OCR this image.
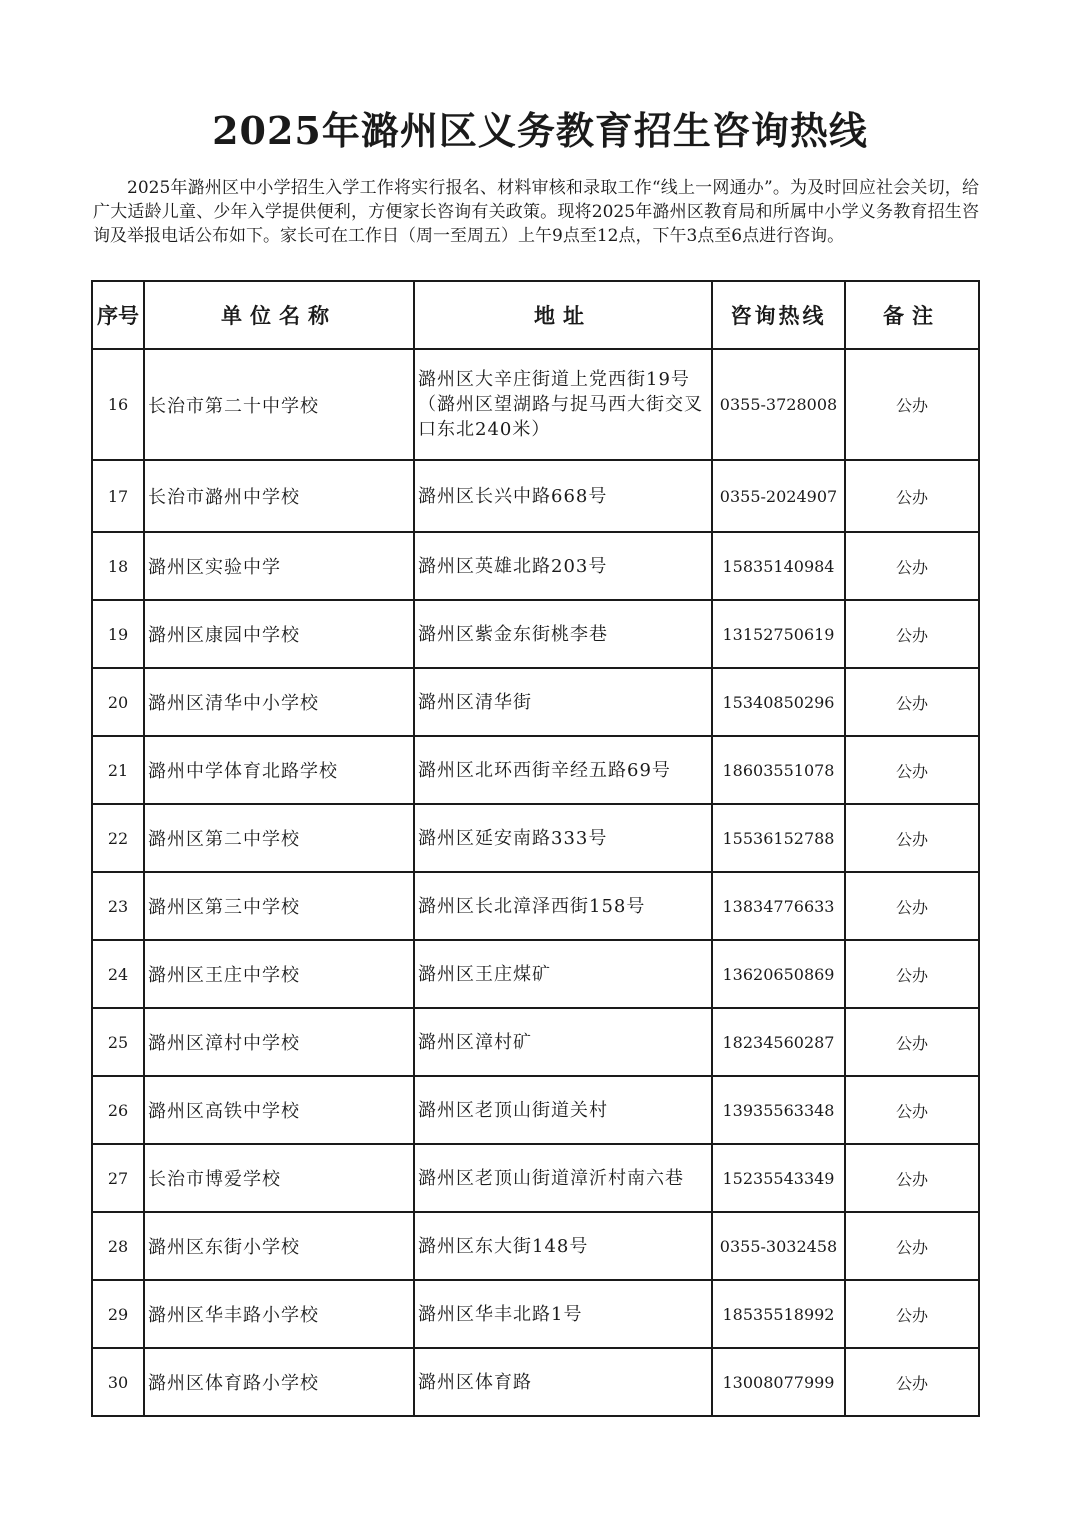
2025年潞州区义务教育招生咨询热线
2025年潞州区中小学招生入学工作将实行报名、材料审核和录取工作“线上一网通办”。为及时回应社会关切，给广大适龄儿童、少年入学提供便利，方便家长咨询有关政策。现将2025年潞州区教育局和所属中小学义务教育招生咨询及举报电话公布如下。家长可在工作日（周一至周五）上午9点至12点，下午3点至6点进行咨询。
序号	单位名称	地址	咨询热线	备注
16	长治市第二十中学校	潞州区大辛庄街道上党西街19号（潞州区望湖路与捉马西大街交叉口东北240米）	0355-3728008	公办
17	长治市潞州中学校	潞州区长兴中路668号	0355-2024907	公办
18	潞州区实验中学	潞州区英雄北路203号	15835140984	公办
19	潞州区康园中学校	潞州区紫金东街桃李巷	13152750619	公办
20	潞州区清华中小学校	潞州区清华街	15340850296	公办
21	潞州中学体育北路学校	潞州区北环西街辛经五路69号	18603551078	公办
22	潞州区第二中学校	潞州区延安南路333号	15536152788	公办
23	潞州区第三中学校	潞州区长北漳泽西街158号	13834776633	公办
24	潞州区王庄中学校	潞州区王庄煤矿	13620650869	公办
25	潞州区漳村中学校	潞州区漳村矿	18234560287	公办
26	潞州区高铁中学校	潞州区老顶山街道关村	13935563348	公办
27	长治市博爱学校	潞州区老顶山街道漳沂村南六巷	15235543349	公办
28	潞州区东街小学校	潞州区东大街148号	0355-3032458	公办
29	潞州区华丰路小学校	潞州区华丰北路1号	18535518992	公办
30	潞州区体育路小学校	潞州区体育路	13008077999	公办
